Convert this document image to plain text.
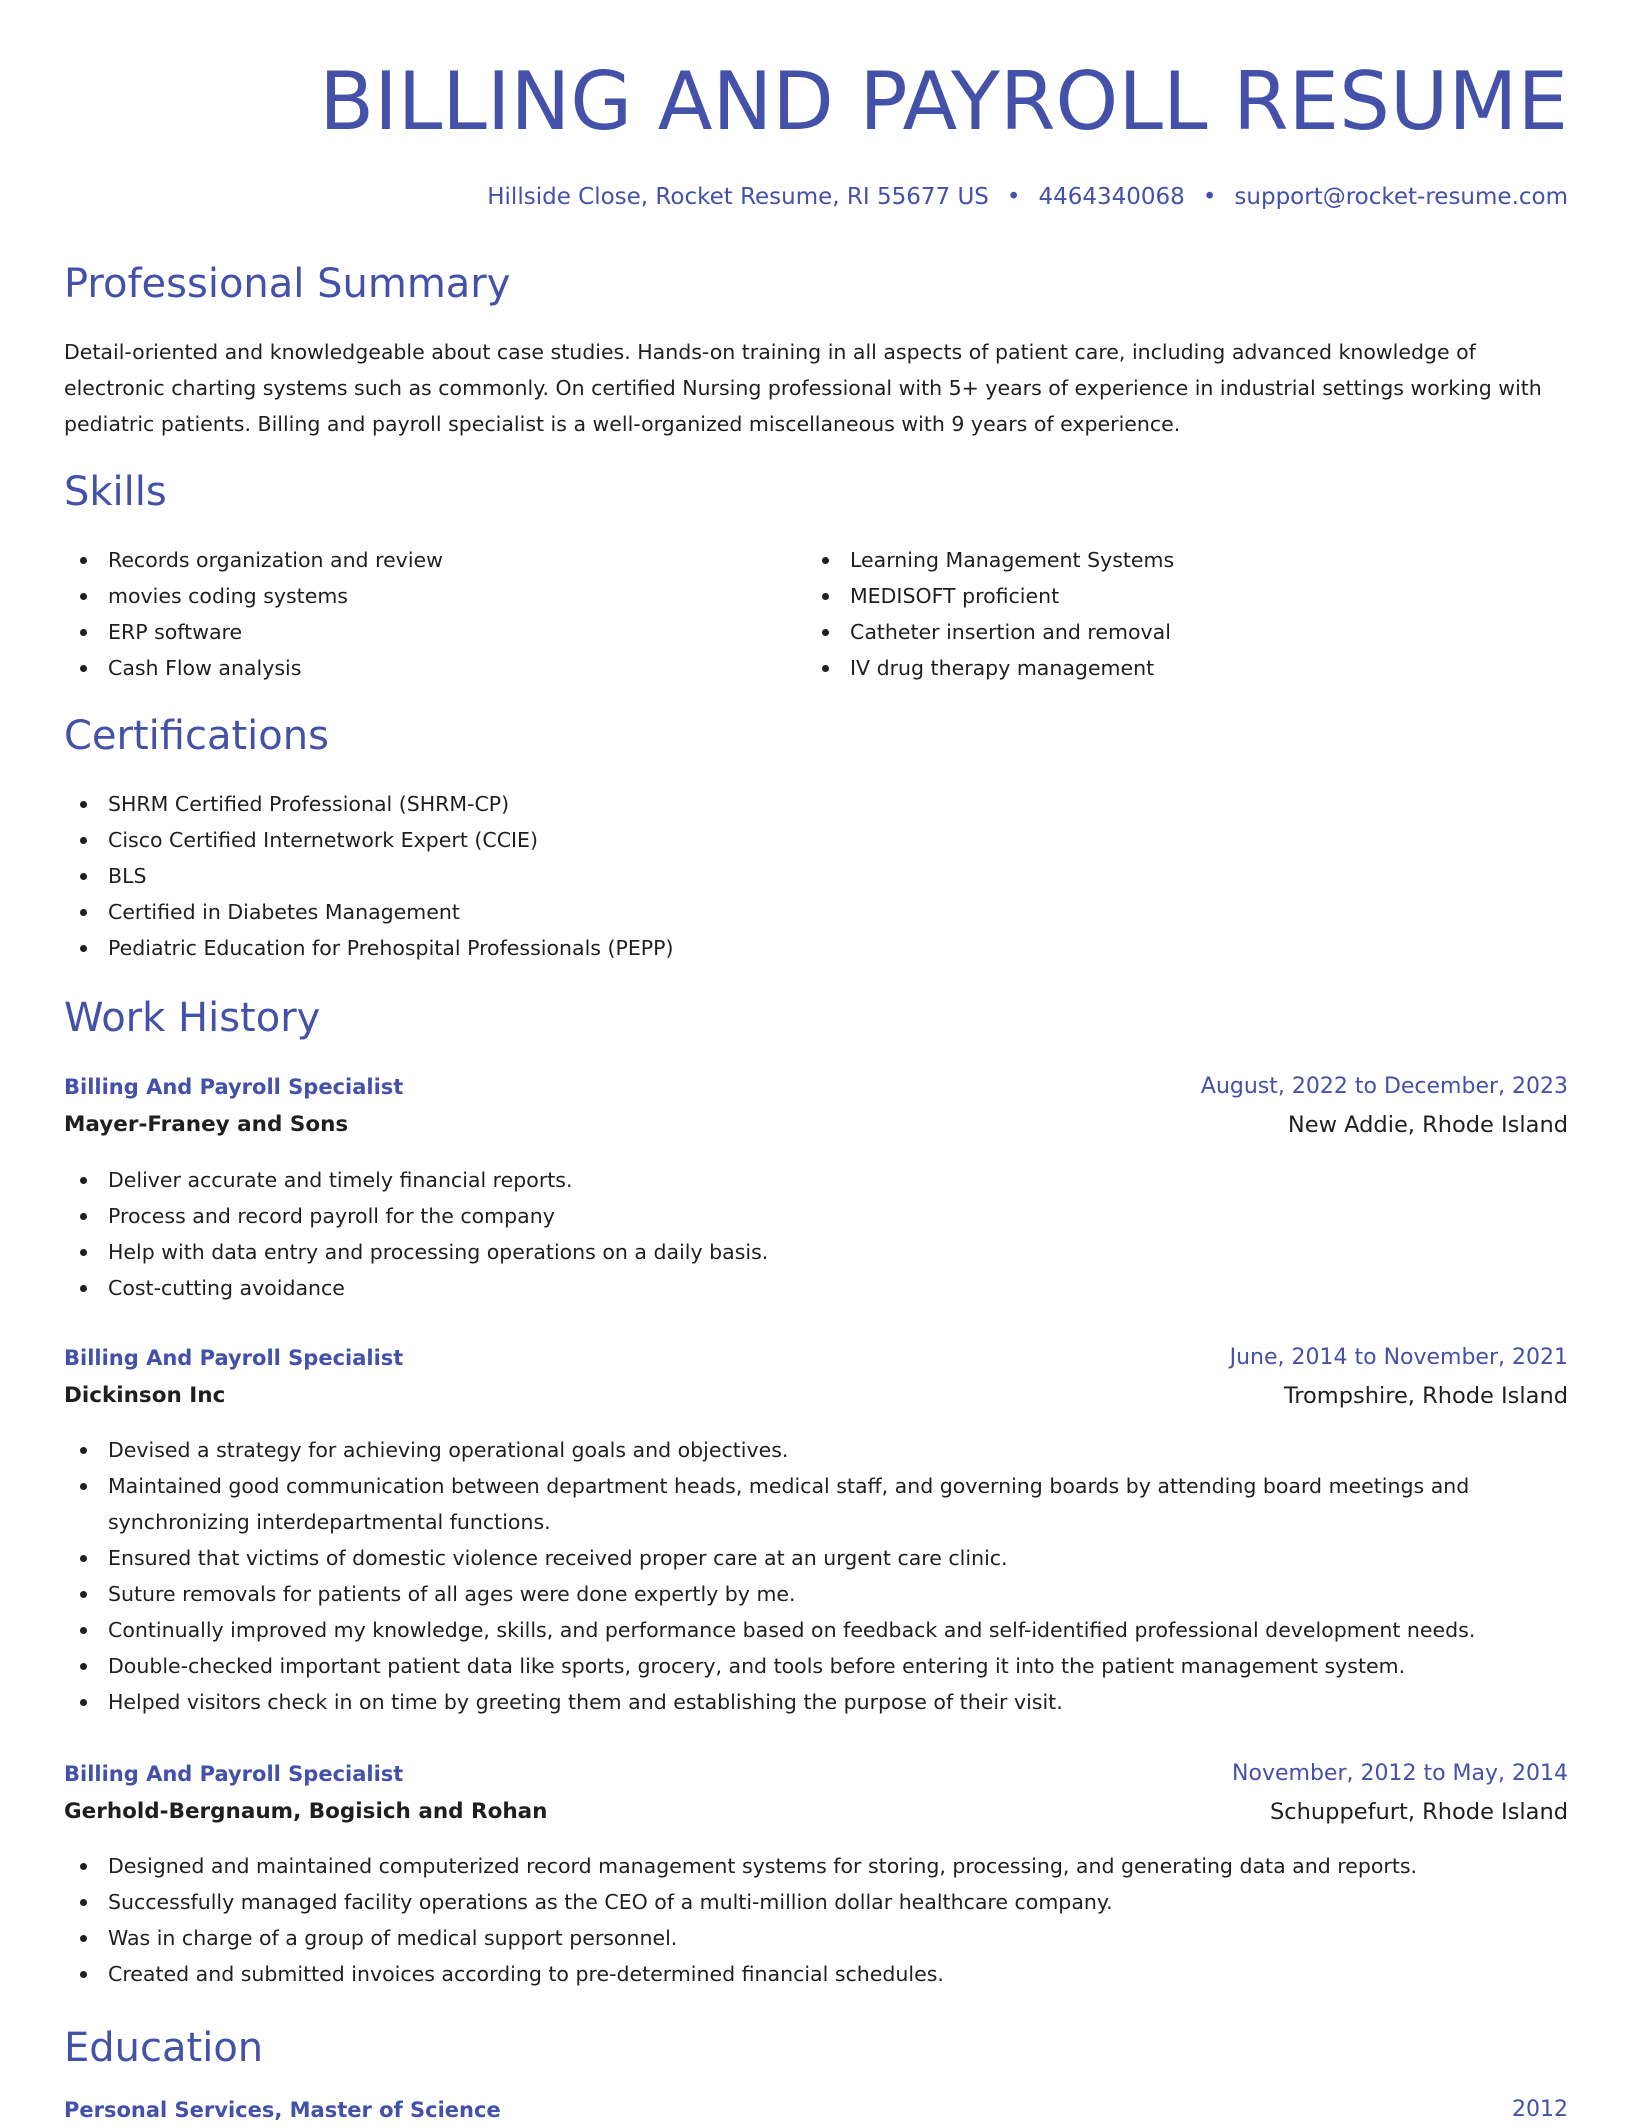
BILLING AND PAYROLL RESUME
Hillside Close, Rocket Resume, RI 55677 US • 4464340068 • support@rocket-resume.com
Professional Summary

Detail-oriented and knowledgeable about case studies. Hands-on training in all aspects of patient care, including advanced knowledge of electronic charting systems such as commonly. On certified Nursing professional with 5+ years of experience in industrial settings working with pediatric patients. Billing and payroll specialist is a well-organized miscellaneous with 9 years of experience.

Skills
Records organization and review
movies coding systems
ERP software
Cash Flow analysis
Learning Management Systems
MEDISOFT proficient
Catheter insertion and removal
IV drug therapy management
Certifications
SHRM Certified Professional (SHRM-CP)
Cisco Certified Internetwork Expert (CCIE)
BLS
Certified in Diabetes Management
Pediatric Education for Prehospital Professionals (PEPP)
Work History
Billing And Payroll Specialist	August, 2022 to December, 2023
Mayer-Franey and Sons	New Addie, Rhode Island
Deliver accurate and timely financial reports.
Process and record payroll for the company
Help with data entry and processing operations on a daily basis.
Cost-cutting avoidance
Billing And Payroll Specialist	June, 2014 to November, 2021
Dickinson Inc	Trompshire, Rhode Island
Devised a strategy for achieving operational goals and objectives.
Maintained good communication between department heads, medical staff, and governing boards by attending board meetings and synchronizing interdepartmental functions.
Ensured that victims of domestic violence received proper care at an urgent care clinic.
Suture removals for patients of all ages were done expertly by me.
Continually improved my knowledge, skills, and performance based on feedback and self-identified professional development needs.
Double-checked important patient data like sports, grocery, and tools before entering it into the patient management system.
Helped visitors check in on time by greeting them and establishing the purpose of their visit.
Billing And Payroll Specialist	November, 2012 to May, 2014
Gerhold-Bergnaum, Bogisich and Rohan	Schuppefurt, Rhode Island
Designed and maintained computerized record management systems for storing, processing, and generating data and reports.
Successfully managed facility operations as the CEO of a multi-million dollar healthcare company.
Was in charge of a group of medical support personnel.
Created and submitted invoices according to pre-determined financial schedules.
Education
Personal Services, Master of Science	2012
